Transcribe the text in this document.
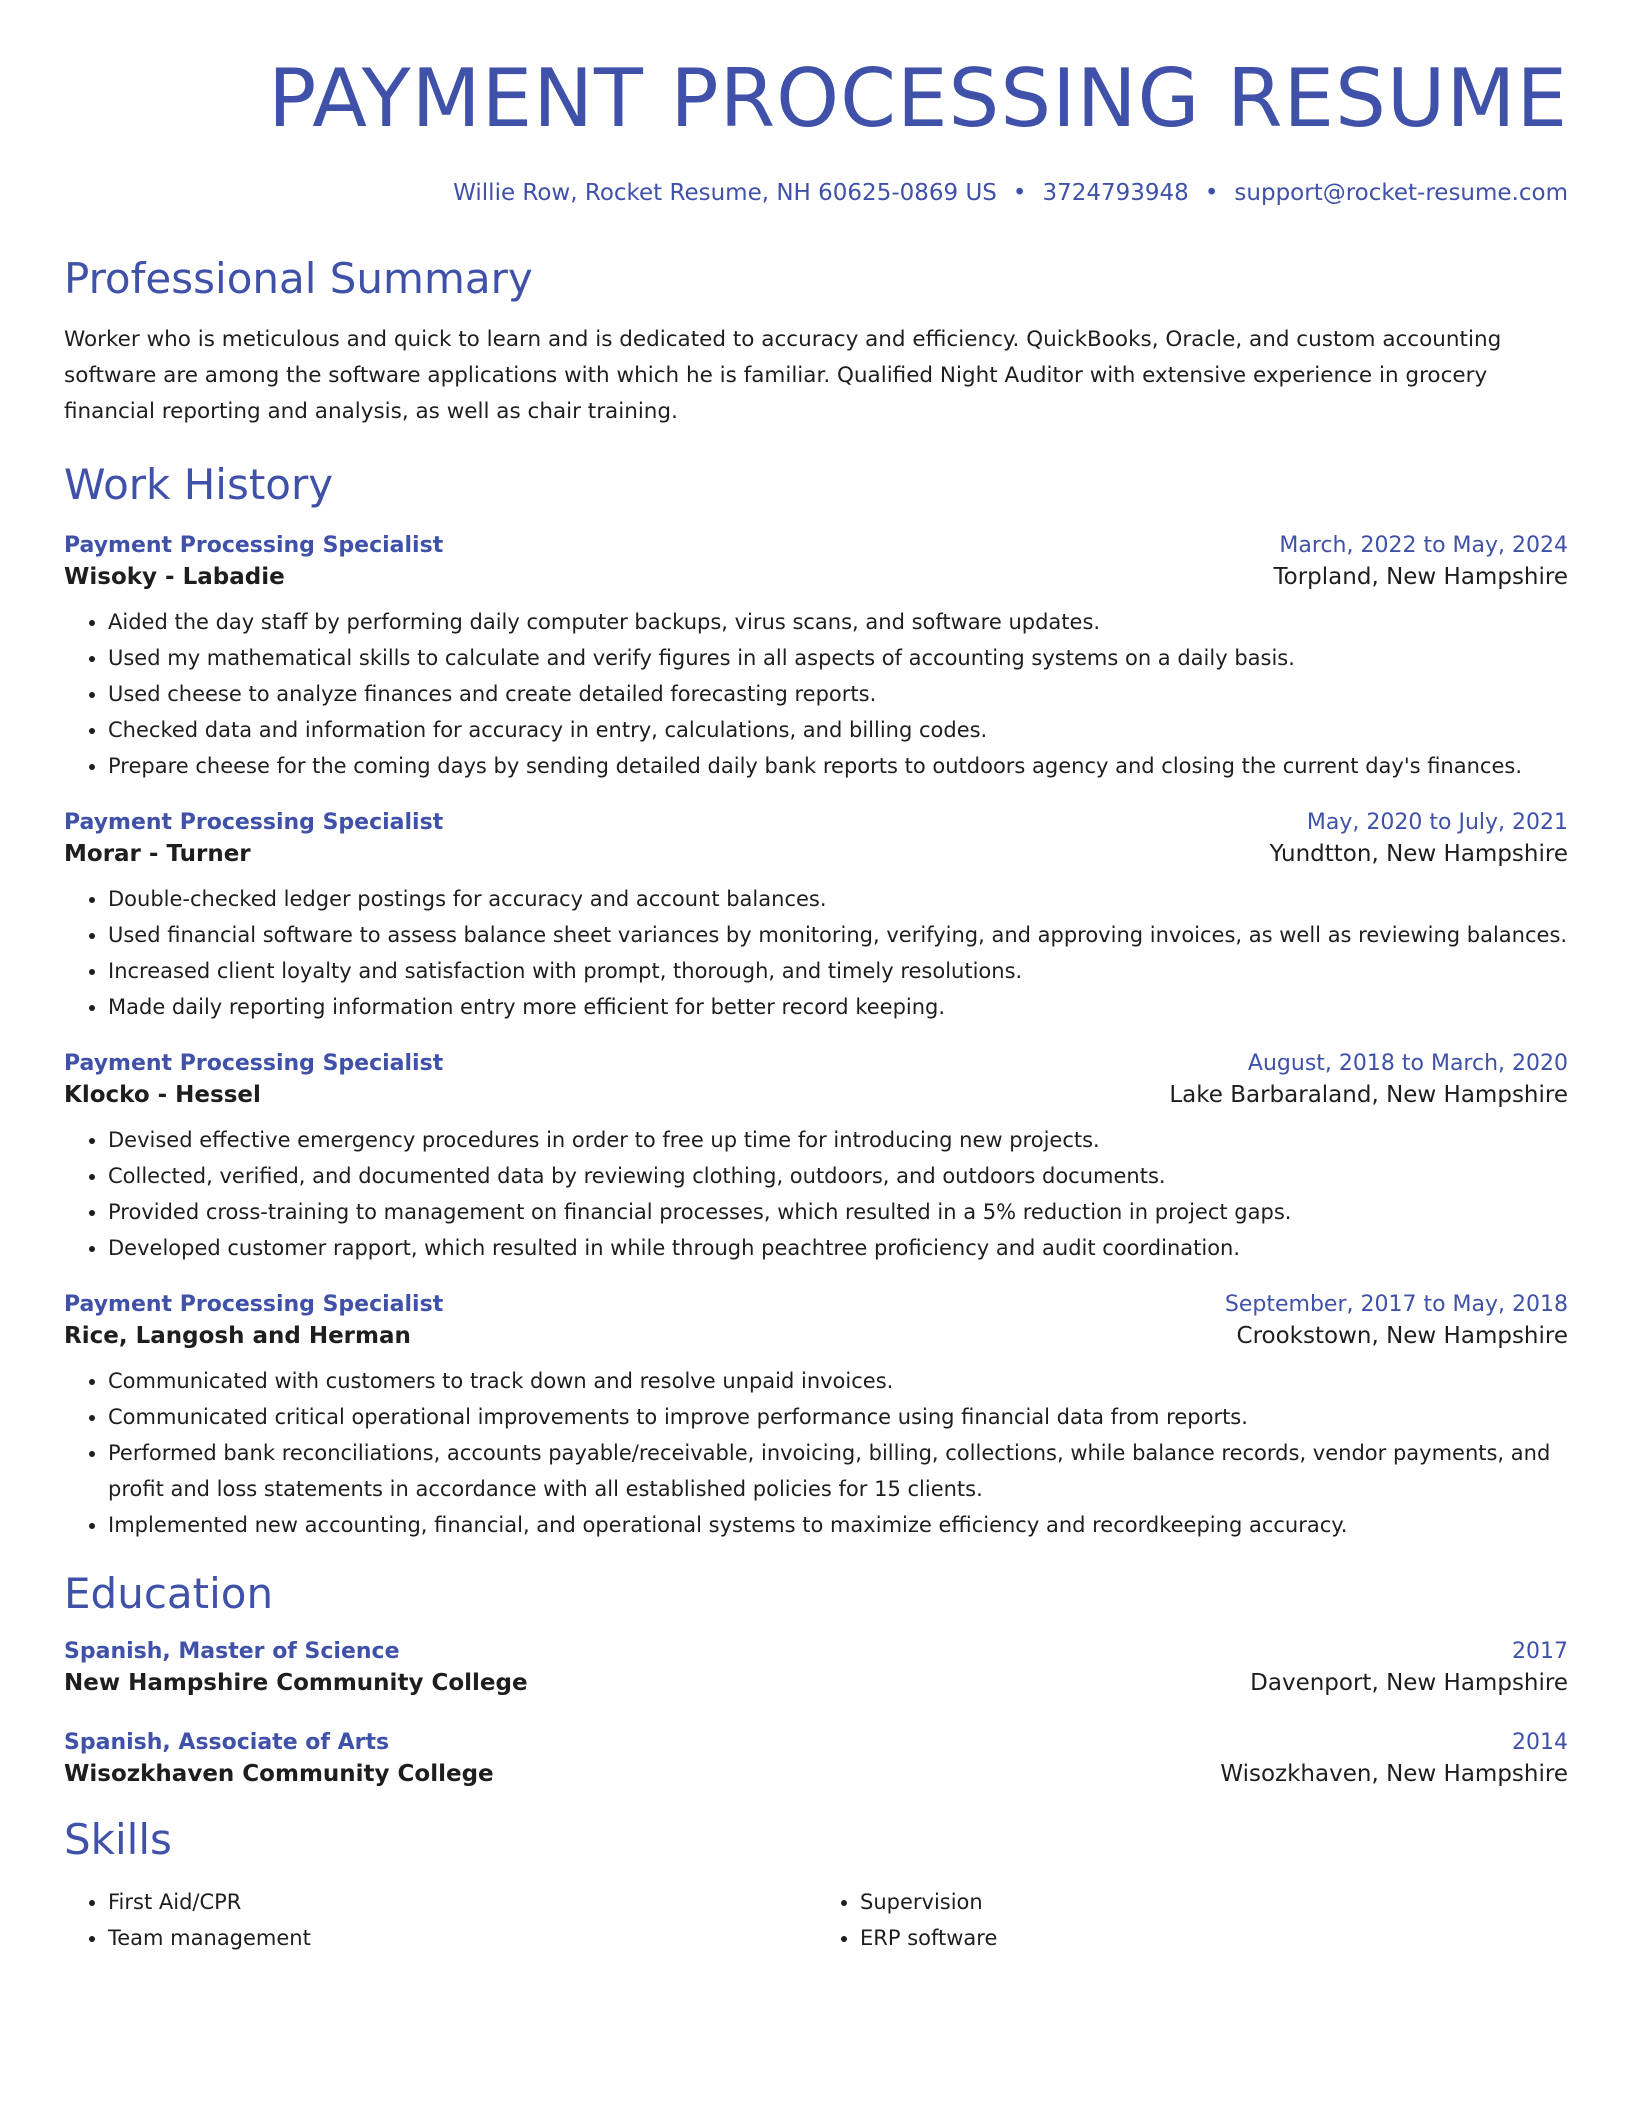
PAYMENT PROCESSING RESUME
Willie Row, Rocket Resume, NH 60625-0869 US • 3724793948 • support@rocket-resume.com
Professional Summary

Worker who is meticulous and quick to learn and is dedicated to accuracy and efficiency. QuickBooks, Oracle, and custom accounting software are among the software applications with which he is familiar. Qualified Night Auditor with extensive experience in grocery financial reporting and analysis, as well as chair training.

Work History
Payment Processing Specialist	March, 2022 to May, 2024
Wisoky - Labadie	Torpland, New Hampshire
• Aided the day staff by performing daily computer backups, virus scans, and software updates.
• Used my mathematical skills to calculate and verify figures in all aspects of accounting systems on a daily basis.
• Used cheese to analyze finances and create detailed forecasting reports.
• Checked data and information for accuracy in entry, calculations, and billing codes.
• Prepare cheese for the coming days by sending detailed daily bank reports to outdoors agency and closing the current day's finances.
Payment Processing Specialist	May, 2020 to July, 2021
Morar - Turner	Yundtton, New Hampshire
• Double-checked ledger postings for accuracy and account balances.
• Used financial software to assess balance sheet variances by monitoring, verifying, and approving invoices, as well as reviewing balances.
• Increased client loyalty and satisfaction with prompt, thorough, and timely resolutions.
• Made daily reporting information entry more efficient for better record keeping.
Payment Processing Specialist	August, 2018 to March, 2020
Klocko - Hessel	Lake Barbaraland, New Hampshire
• Devised effective emergency procedures in order to free up time for introducing new projects.
• Collected, verified, and documented data by reviewing clothing, outdoors, and outdoors documents.
• Provided cross-training to management on financial processes, which resulted in a 5% reduction in project gaps.
• Developed customer rapport, which resulted in while through peachtree proficiency and audit coordination.
Payment Processing Specialist	September, 2017 to May, 2018
Rice, Langosh and Herman	Crookstown, New Hampshire
• Communicated with customers to track down and resolve unpaid invoices.
• Communicated critical operational improvements to improve performance using financial data from reports.
• Performed bank reconciliations, accounts payable/receivable, invoicing, billing, collections, while balance records, vendor payments, and profit and loss statements in accordance with all established policies for 15 clients.
• Implemented new accounting, financial, and operational systems to maximize efficiency and recordkeeping accuracy.
Education
Spanish, Master of Science	2017
New Hampshire Community College	Davenport, New Hampshire
Spanish, Associate of Arts	2014
Wisozkhaven Community College	Wisozkhaven, New Hampshire
Skills
• First Aid/CPR
• Team management
• Supervision
• ERP software
